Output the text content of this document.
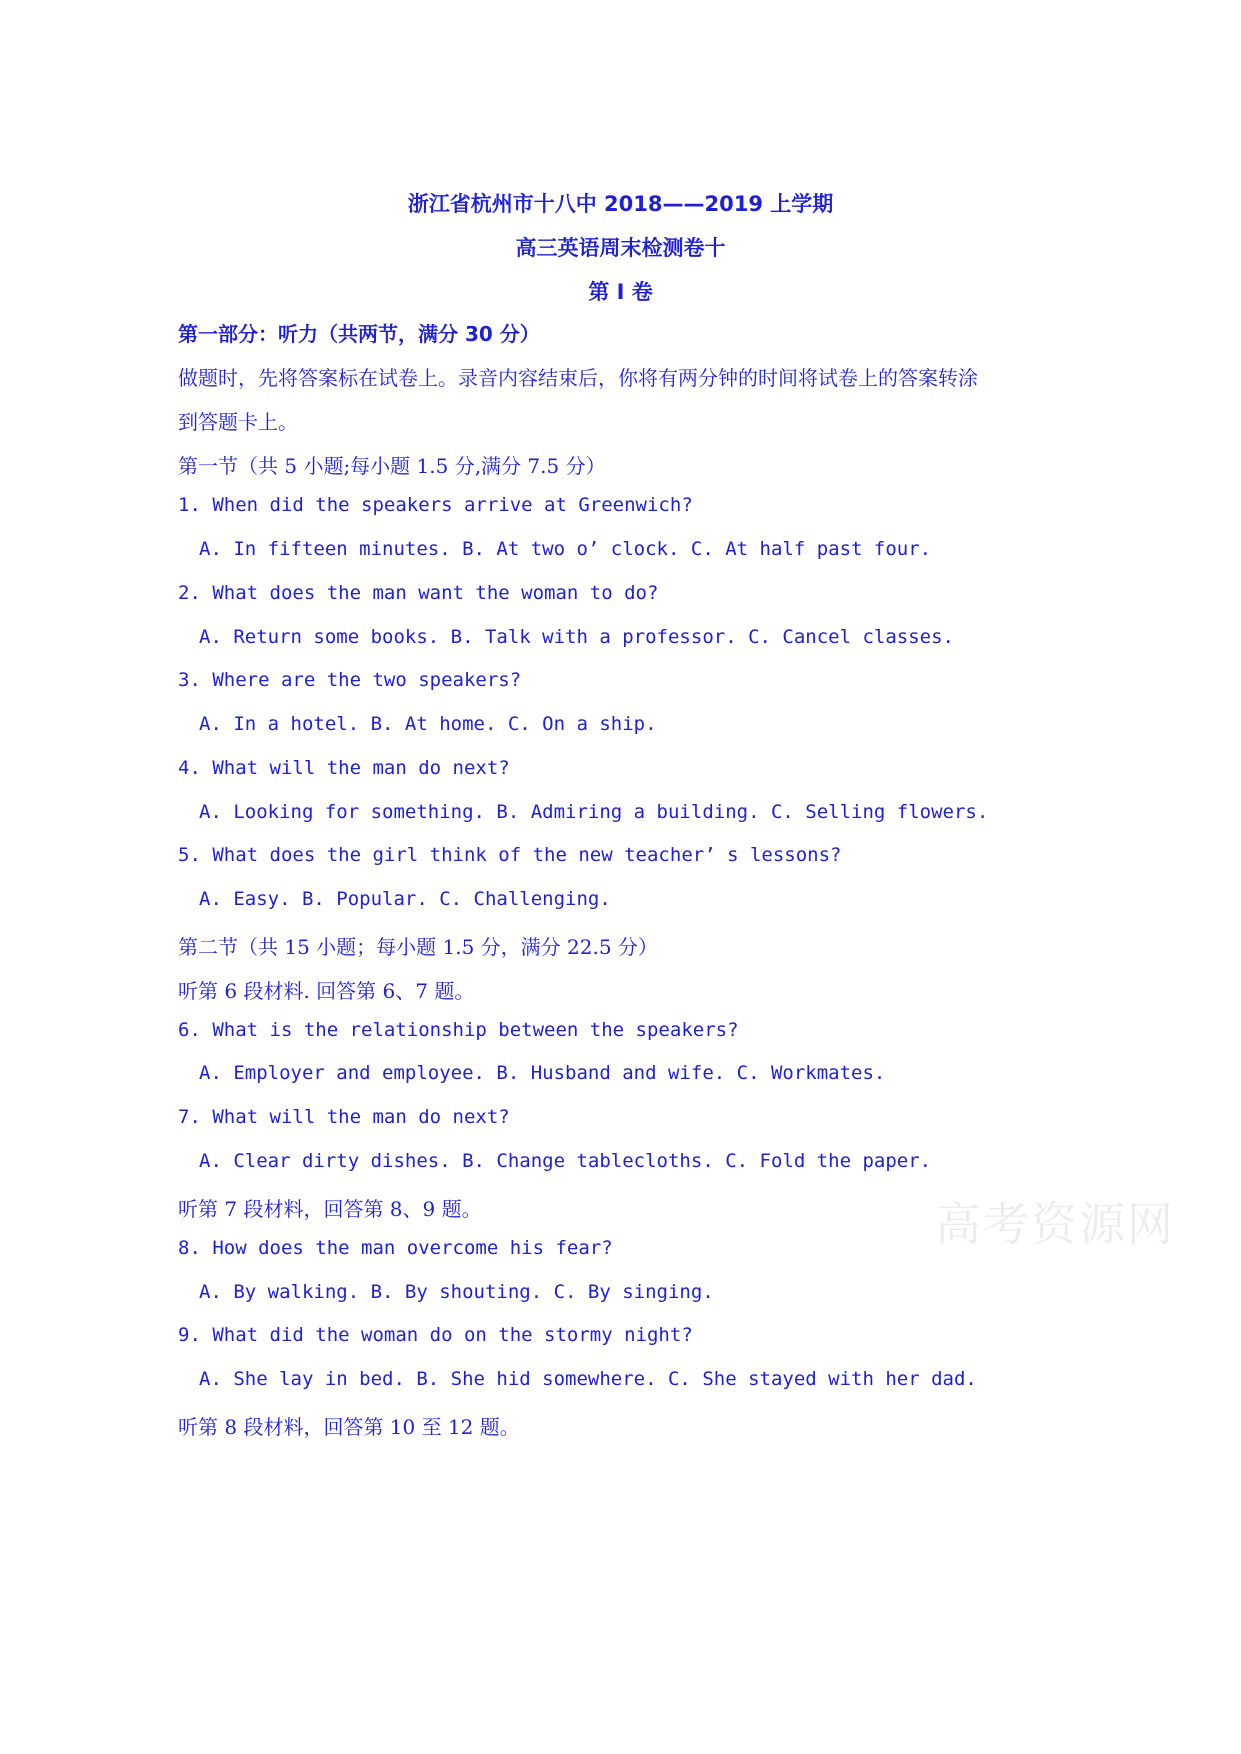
浙江省杭州市十八中 2018——2019 上学期
高三英语周末检测卷十
第 I 卷
第一部分：听力（共两节，满分 30 分）
做题时，先将答案标在试卷上。录音内容结束后，你将有两分钟的时间将试卷上的答案转涂
到答题卡上。
第一节（共 5 小题;每小题 1.5 分,满分 7.5 分）
1. When did the speakers arrive at Greenwich?
A. In fifteen minutes. B. At two o’ clock. C. At half past four.
2. What does the man want the woman to do?
A. Return some books. B. Talk with a professor. C. Cancel classes.
3. Where are the two speakers?
A. In a hotel. B. At home. C. On a ship.
4. What will the man do next?
A. Looking for something. B. Admiring a building. C. Selling flowers.
5. What does the girl think of the new teacher’ s lessons?
A. Easy. B. Popular. C. Challenging.
第二节（共 15 小题；每小题 1.5 分，满分 22.5 分）
听第 6 段材料. 回答第 6、7 题。
6. What is the relationship between the speakers?
A. Employer and employee. B. Husband and wife. C. Workmates.
7. What will the man do next?
A. Clear dirty dishes. B. Change tablecloths. C. Fold the paper.
听第 7 段材料，回答第 8、9 题。
8. How does the man overcome his fear?
A. By walking. B. By shouting. C. By singing.
9. What did the woman do on the stormy night?
A. She lay in bed. B. She hid somewhere. C. She stayed with her dad.
听第 8 段材料，回答第 10 至 12 题。
高考资源网
